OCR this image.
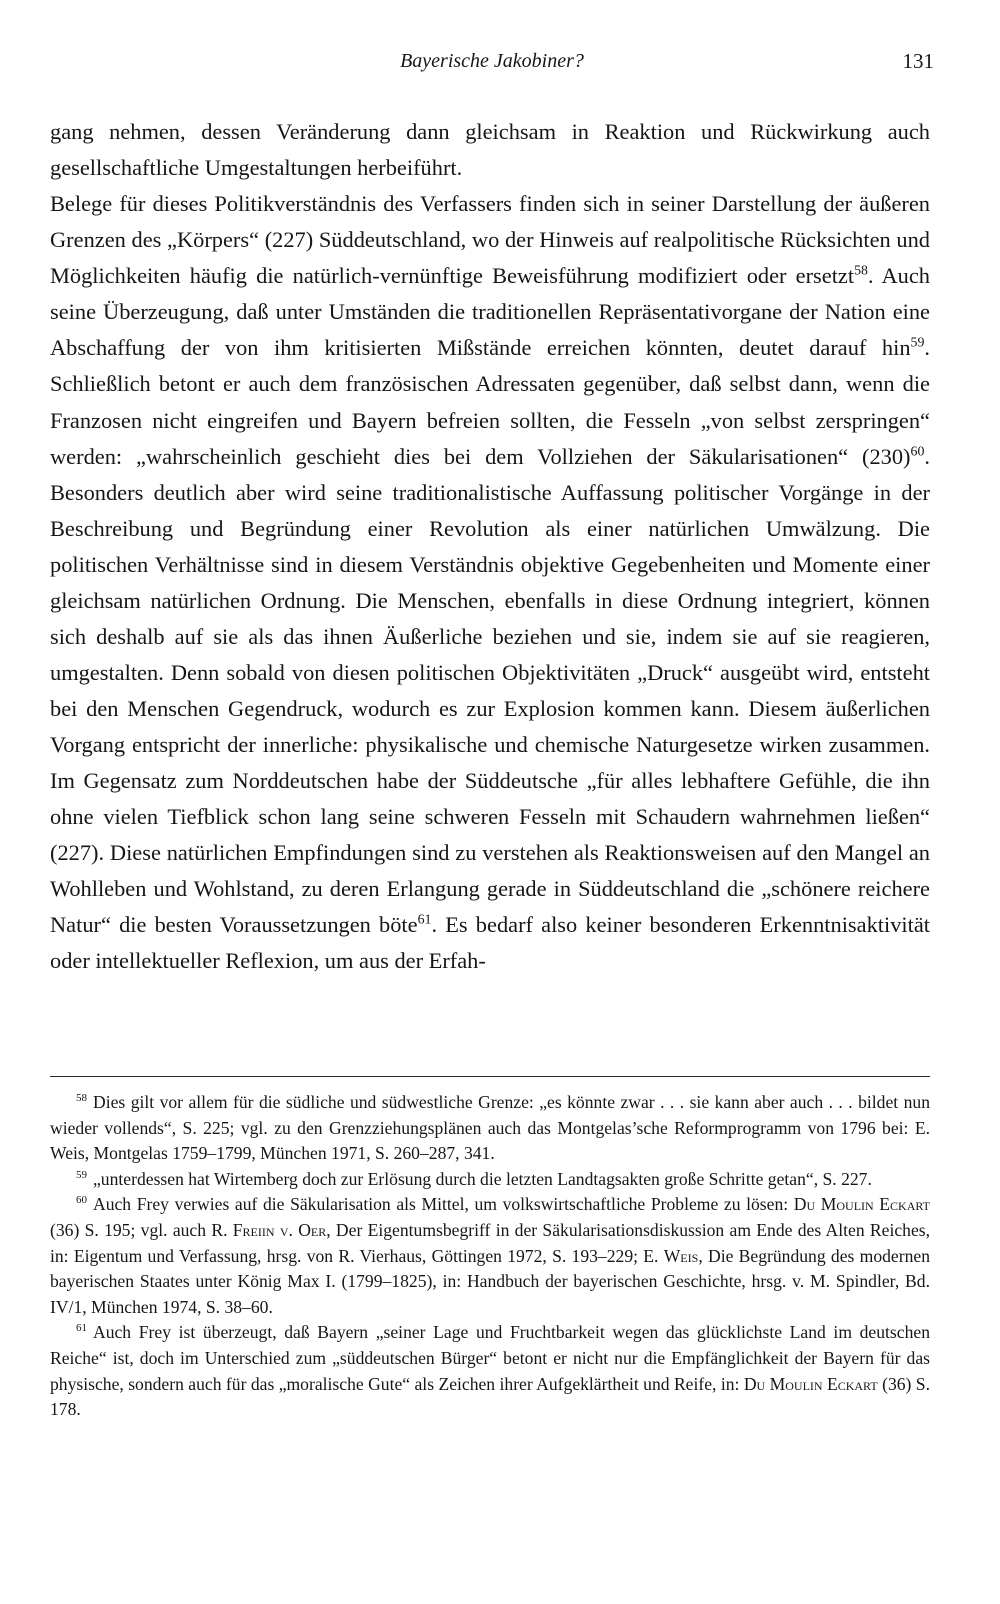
Bayerische Jakobiner?	131

gang nehmen, dessen Veränderung dann gleichsam in Reaktion und Rückwirkung auch gesellschaftliche Umgestaltungen herbeiführt.

Belege für dieses Politikverständnis des Verfassers finden sich in seiner Darstellung der äußeren Grenzen des „Körpers“ (227) Süddeutschland, wo der Hinweis auf realpolitische Rücksichten und Möglichkeiten häufig die natürlich-vernünftige Beweisführung modifiziert oder ersetzt$^{58}$. Auch seine Überzeugung, daß unter Umständen die traditionellen Repräsentativorgane der Nation eine Abschaffung der von ihm kritisierten Mißstände erreichen könnten, deutet darauf hin$^{59}$. Schließlich betont er auch dem französischen Adressaten gegenüber, daß selbst dann, wenn die Franzosen nicht eingreifen und Bayern befreien sollten, die Fesseln „von selbst zerspringen“ werden: „wahrscheinlich geschieht dies bei dem Vollziehen der Säkularisationen“ $(230)^{60}$. Besonders deutlich aber wird seine traditionalistische Auffassung politischer Vorgänge in der Beschreibung und Begründung einer Revolution als einer natürlichen Umwälzung. Die politischen Verhältnisse sind in diesem Verständnis objektive Gegebenheiten und Momente einer gleichsam natürlichen Ordnung. Die Menschen, ebenfalls in diese Ordnung integriert, können sich deshalb auf sie als das ihnen Äußerliche beziehen und sie, indem sie auf sie reagieren, umgestalten. Denn sobald von diesen politischen Objektivitäten „Druck“ ausgeübt wird, entsteht bei den Menschen Gegendruck, wodurch es zur Explosion kommen kann. Diesem äußerlichen Vorgang entspricht der innerliche: physikalische und chemische Naturgesetze wirken zusammen. Im Gegensatz zum Norddeutschen habe der Süddeutsche „für alles lebhaftere Gefühle, die ihn ohne vielen Tiefblick schon lang seine schweren Fesseln mit Schaudern wahrnehmen ließen“ (227). Diese natürlichen Empfindungen sind zu verstehen als Reaktionsweisen auf den Mangel an Wohlleben und Wohlstand, zu deren Erlangung gerade in Süddeutschland die „schönere reichere Natur“ die besten Voraussetzungen böte$^{61}$. Es bedarf also keiner besonderen Erkenntnisaktivität oder intellektueller Reflexion, um aus der Erfah-

58 Dies gilt vor allem für die südliche und südwestliche Grenze: „es könnte zwar . . . sie kann aber auch . . . bildet nun wieder vollends“, S. 225; vgl. zu den Grenzziehungsplänen auch das Montgelas’sche Reformprogramm von 1796 bei: E. Weis, Montgelas 1759–1799, München 1971, S. 260–287, 341.

59 „unterdessen hat Wirtemberg doch zur Erlösung durch die letzten Landtagsakten große Schritte getan“, S. 227.

60 Auch Frey verwies auf die Säkularisation als Mittel, um volkswirtschaftliche Probleme zu lösen: Du Moulin Eckart (36) S. 195; vgl. auch R. Freiin v. Oer, Der Eigentumsbegriff in der Säkularisationsdiskussion am Ende des Alten Reiches, in: Eigentum und Verfassung, hrsg. von R. Vierhaus, Göttingen 1972, S. 193–229; E. Weis, Die Begründung des modernen bayerischen Staates unter König Max I. (1799–1825), in: Handbuch der bayerischen Geschichte, hrsg. v. M. Spindler, Bd. IV/1, München 1974, S. 38–60.

61 Auch Frey ist überzeugt, daß Bayern „seiner Lage und Fruchtbarkeit wegen das glücklichste Land im deutschen Reiche“ ist, doch im Unterschied zum „süddeutschen Bürger“ betont er nicht nur die Empfänglichkeit der Bayern für das physische, sondern auch für das „moralische Gute“ als Zeichen ihrer Aufgeklärtheit und Reife, in: Du Moulin Eckart (36) S. 178.
